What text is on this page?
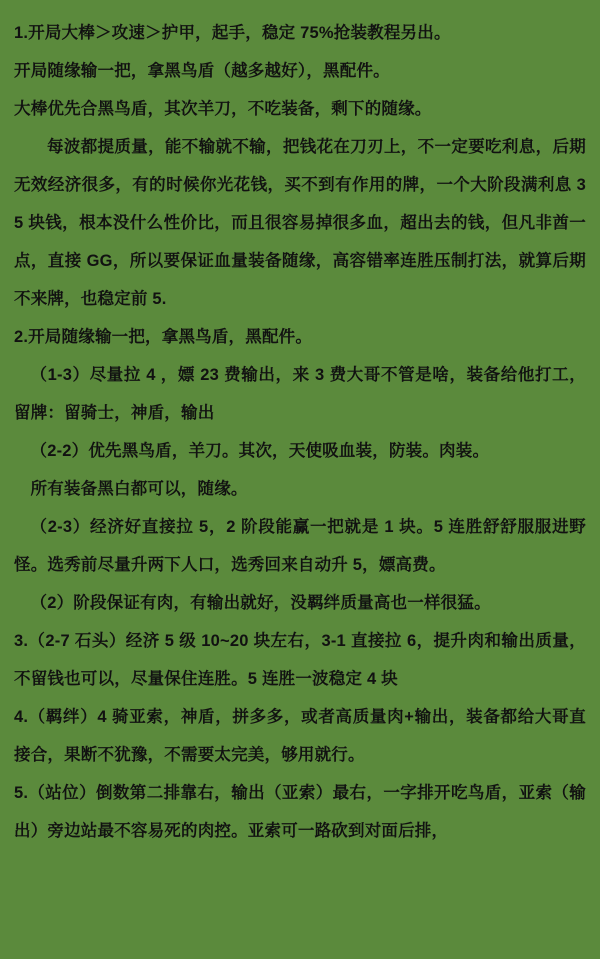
1.开局大棒＞攻速＞护甲，起手，稳定 75%抢装教程另出。

开局随缘输一把，拿黑鸟盾（越多越好），黑配件。

大棒优先合黑鸟盾，其次羊刀，不吃装备，剩下的随缘。

每波都提质量，能不输就不输，把钱花在刀刃上，不一定要吃利息，后期无效经济很多，有的时候你光花钱，买不到有作用的牌，一个大阶段满利息 35 块钱，根本没什么性价比，而且很容易掉很多血，超出去的钱，但凡非酋一点，直接 GG，所以要保证血量装备随缘，高容错率连胜压制打法，就算后期不来牌，也稳定前 5.

2.开局随缘输一把，拿黑鸟盾，黑配件。

（1-3）尽量拉 4 ，嫖 23 费输出，来 3 费大哥不管是啥，装备给他打工，留牌：留骑士，神盾，输出

（2-2）优先黑鸟盾，羊刀。其次，天使吸血装，防装。肉装。

所有装备黑白都可以，随缘。

（2-3）经济好直接拉 5，2 阶段能赢一把就是 1 块。5 连胜舒舒服服进野怪。选秀前尽量升两下人口，选秀回来自动升 5，嫖高费。

（2）阶段保证有肉，有输出就好，没羁绊质量高也一样很猛。

3.（2-7 石头）经济 5 级 10~20 块左右，3-1 直接拉 6，提升肉和输出质量，不留钱也可以，尽量保住连胜。5 连胜一波稳定 4 块

4.（羁绊）4 骑亚索，神盾，拼多多，或者高质量肉+输出，装备都给大哥直接合，果断不犹豫，不需要太完美，够用就行。

5.（站位）倒数第二排靠右，输出（亚索）最右，一字排开吃鸟盾，亚索（输出）旁边站最不容易死的肉控。亚索可一路砍到对面后排，
